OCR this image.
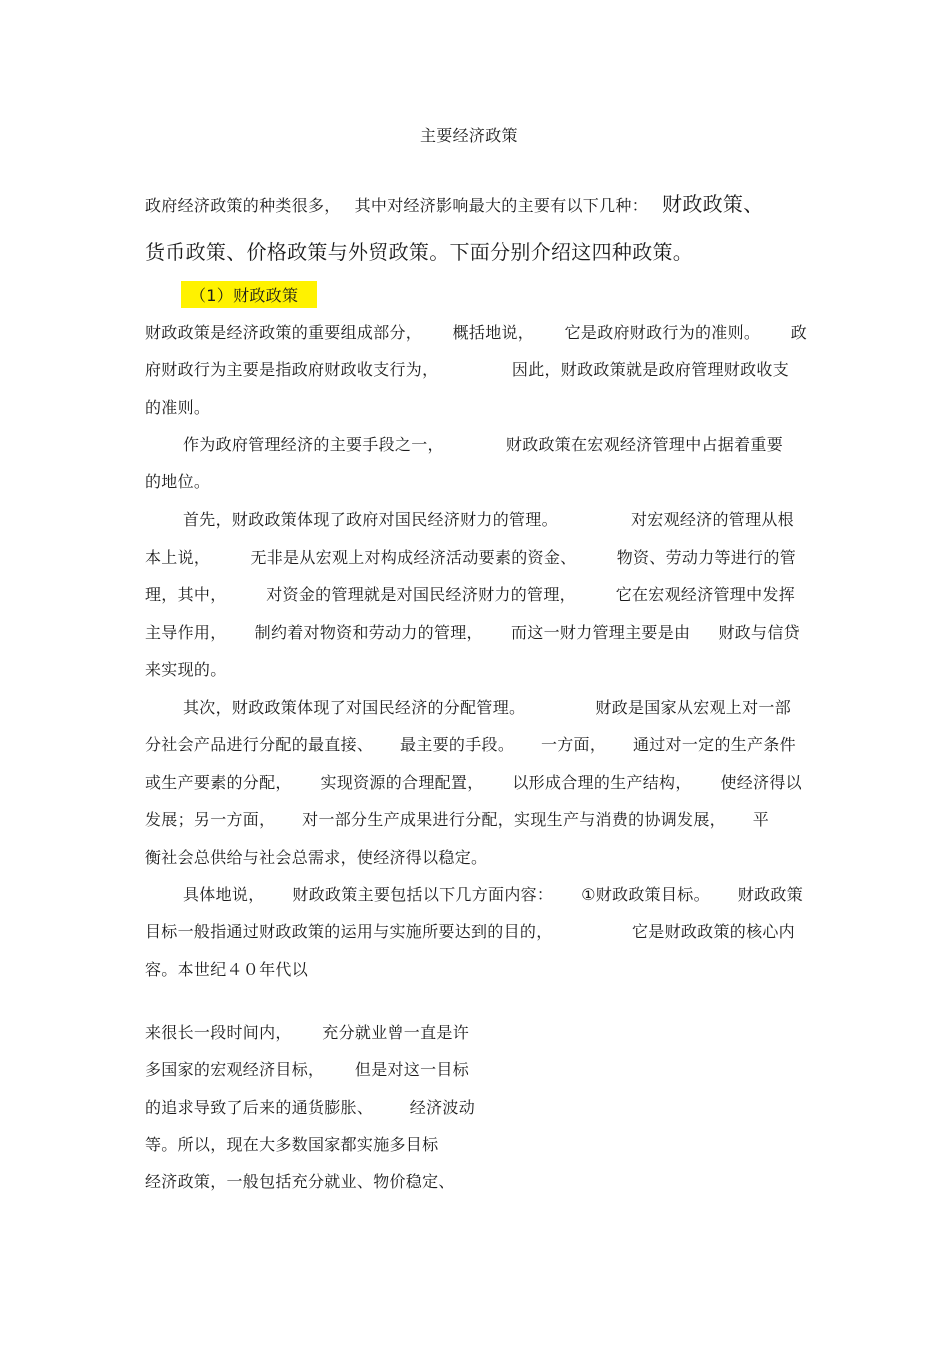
主要经济政策
政府经济政策的种类很多， 其中对经济影响最大的主要有以下几种： 财政政策、
货币政策、价格政策与外贸政策。下面分别介绍这四种政策。
（1）财政政策
财政政策是经济政策的重要组成部分， 概括地说， 它是政府财政行为的准则。 政
府财政行为主要是指政府财政收支行为，	因此，财政政策就是政府管理财政收支
的准则。
作为政府管理经济的主要手段之一，	财政政策在宏观经济管理中占据着重要
的地位。
首先，财政政策体现了政府对国民经济财力的管理。	对宏观经济的管理从根
本上说，	无非是从宏观上对构成经济活动要素的资金、	物资、劳动力等进行的管
理，其中， 对资金的管理就是对国民经济财力的管理， 它在宏观经济管理中发挥
主导作用， 制约着对物资和劳动力的管理， 而这一财力管理主要是由 财政与信贷
来实现的。
其次，财政政策体现了对国民经济的分配管理。	财政是国家从宏观上对一部
分社会产品进行分配的最直接、 最主要的手段。 一方面， 通过对一定的生产条件
或生产要素的分配， 实现资源的合理配置， 以形成合理的生产结构， 使经济得以
发展；另一方面， 对一部分生产成果进行分配，实现生产与消费的协调发展， 平
衡社会总供给与社会总需求，使经济得以稳定。
具体地说， 财政政策主要包括以下几方面内容： ①财政政策目标。 财政政策
目标一般指通过财政政策的运用与实施所要达到的目的，	它是财政政策的核心内
容。本世纪４０年代以
来很长一段时间内， 充分就业曾一直是许
多国家的宏观经济目标， 但是对这一目标
的追求导致了后来的通货膨胀、 经济波动
等。所以，现在大多数国家都实施多目标
经济政策，一般包括充分就业、物价稳定、
